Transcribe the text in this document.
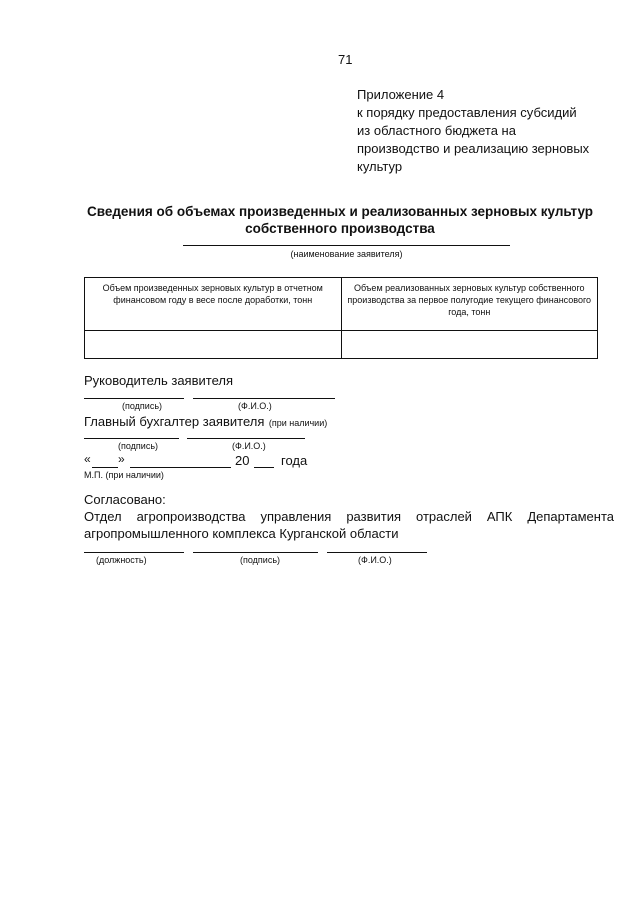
71
Приложение 4
к порядку предоставления субсидий
из областного бюджета на
производство и реализацию зерновых
культур
Сведения об объемах произведенных и реализованных зерновых культур
собственного производства
(наименование заявителя)
Объем произведенных зерновых культур в отчетном финансовом году в весе после доработки, тонн	Объем реализованных зерновых культур собственного производства за первое полугодие текущего финансового года, тонн

Руководитель заявителя
(подпись)	(Ф.И.О.)
Главный бухгалтер заявителя (при наличии)
(подпись)	(Ф.И.О.)
« »	20 года
М.П. (при наличии)
Согласовано:
Отдел агропроизводства управления развития отраслей АПК Департамента
агропромышленного комплекса Курганской области
(должность)	(подпись)	(Ф.И.О.)
